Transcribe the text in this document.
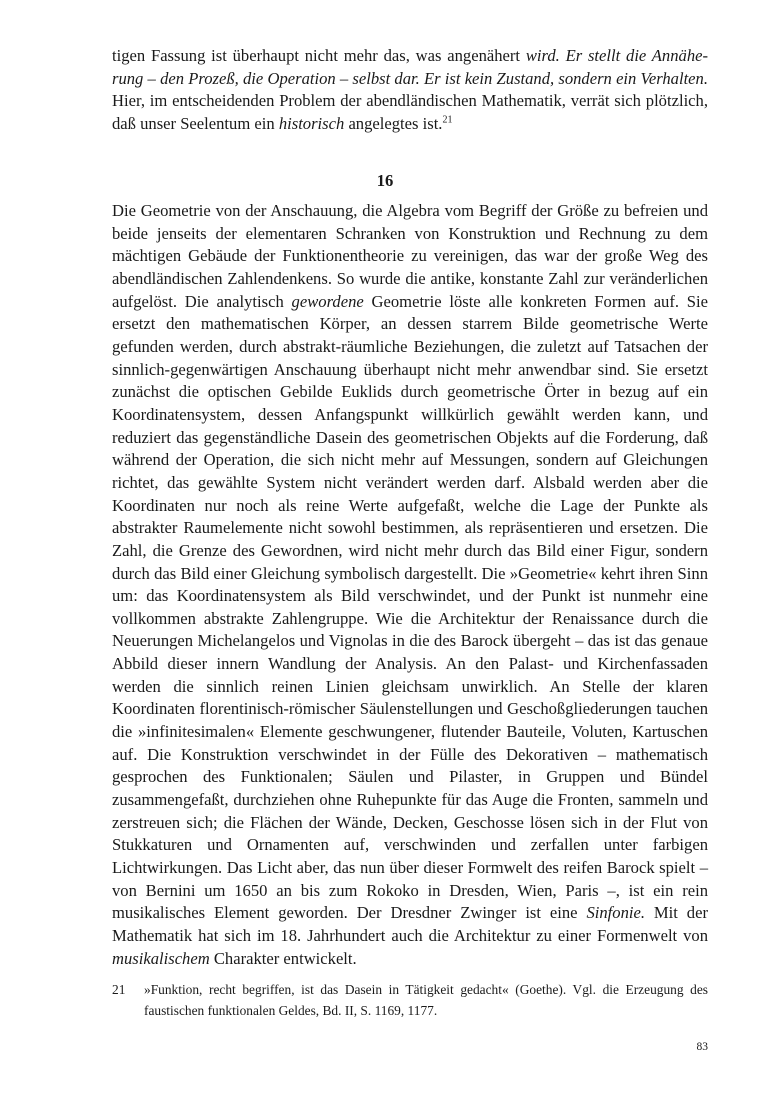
tigen Fassung ist überhaupt nicht mehr das, was angenähert wird. Er stellt die Annäherung – den Prozeß, die Operation – selbst dar. Er ist kein Zustand, sondern ein Verhalten. Hier, im entscheidenden Problem der abendländischen Mathematik, verrät sich plötzlich, daß unser Seelentum ein historisch angelegtes ist.$^{21}$

16

Die Geometrie von der Anschauung, die Algebra vom Begriff der Größe zu befreien und beide jenseits der elementaren Schranken von Konstruktion und Rechnung zu dem mächtigen Gebäude der Funktionentheorie zu vereinigen, das war der große Weg des abendländischen Zahlendenkens. So wurde die antike, konstante Zahl zur veränderlichen aufgelöst. Die analytisch gewordene Geometrie löste alle konkreten Formen auf. Sie ersetzt den mathematischen Körper, an dessen starrem Bilde geometrische Werte gefunden werden, durch abstrakt-räumliche Beziehungen, die zuletzt auf Tatsachen der sinnlich-gegenwärtigen Anschauung überhaupt nicht mehr anwendbar sind. Sie ersetzt zunächst die optischen Gebilde Euklids durch geometrische Örter in bezug auf ein Koordinatensystem, dessen Anfangspunkt willkürlich gewählt werden kann, und reduziert das gegenständliche Dasein des geometrischen Objekts auf die Forderung, daß während der Operation, die sich nicht mehr auf Messungen, sondern auf Gleichungen richtet, das gewählte System nicht verändert werden darf. Alsbald werden aber die Koordinaten nur noch als reine Werte aufgefaßt, welche die Lage der Punkte als abstrakter Raumelemente nicht sowohl bestimmen, als repräsentieren und ersetzen. Die Zahl, die Grenze des Gewordnen, wird nicht mehr durch das Bild einer Figur, sondern durch das Bild einer Gleichung symbolisch dargestellt. Die »Geometrie« kehrt ihren Sinn um: das Koordinatensystem als Bild verschwindet, und der Punkt ist nunmehr eine vollkommen abstrakte Zahlengruppe. Wie die Architektur der Renaissance durch die Neuerungen Michelangelos und Vignolas in die des Barock übergeht – das ist das genaue Abbild dieser innern Wandlung der Analysis. An den Palast- und Kirchenfassaden werden die sinnlich reinen Linien gleichsam unwirklich. An Stelle der klaren Koordinaten florentinisch-römischer Säulenstellungen und Geschoßgliederungen tauchen die »infinitesimalen« Elemente geschwungener, flutender Bauteile, Voluten, Kartuschen auf. Die Konstruktion verschwindet in der Fülle des Dekorativen – mathematisch gesprochen des Funktionalen; Säulen und Pilaster, in Gruppen und Bündel zusammengefaßt, durchziehen ohne Ruhepunkte für das Auge die Fronten, sammeln und zerstreuen sich; die Flächen der Wände, Decken, Geschosse lösen sich in der Flut von Stukkaturen und Ornamenten auf, verschwinden und zerfallen unter farbigen Lichtwirkungen. Das Licht aber, das nun über dieser Formwelt des reifen Barock spielt – von Bernini um 1650 an bis zum Rokoko in Dresden, Wien, Paris –, ist ein rein musikalisches Element geworden. Der Dresdner Zwinger ist eine Sinfonie. Mit der Mathematik hat sich im 18. Jahrhundert auch die Architektur zu einer Formenwelt von musikalischem Charakter entwickelt.

21 »Funktion, recht begriffen, ist das Dasein in Tätigkeit gedacht« (Goethe). Vgl. die Erzeugung des faustischen funktionalen Geldes, Bd. II, S. 1169, 1177.
83
